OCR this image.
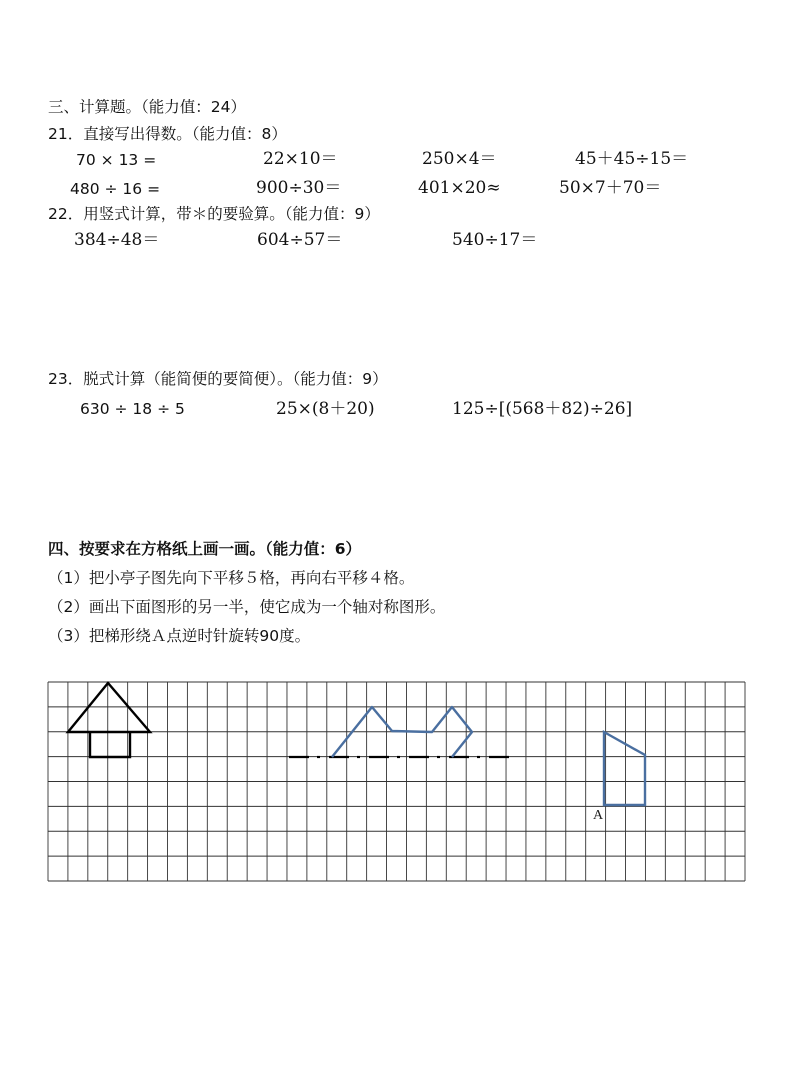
三、计算题。（能力值：24）
21．直接写出得数。（能力值：8）
70 × 13 =	22×10＝	250×4＝	45＋45÷15＝
480 ÷ 16 =	900÷30＝	401×20≈	50×7＋70＝
22．用竖式计算，带＊的要验算。（能力值：9）
384÷48＝	604÷57＝	540÷17＝
23．脱式计算（能简便的要简便）。（能力值：9）
630 ÷ 18 ÷ 5	25×(8＋20)	125÷[(568＋82)÷26]
四、按要求在方格纸上画一画。（能力值：6）
（1）把小亭子图先向下平移５格，再向右平移４格。
（2）画出下面图形的另一半，使它成为一个轴对称图形。
（3）把梯形绕Ａ点逆时针旋转90度。
A
